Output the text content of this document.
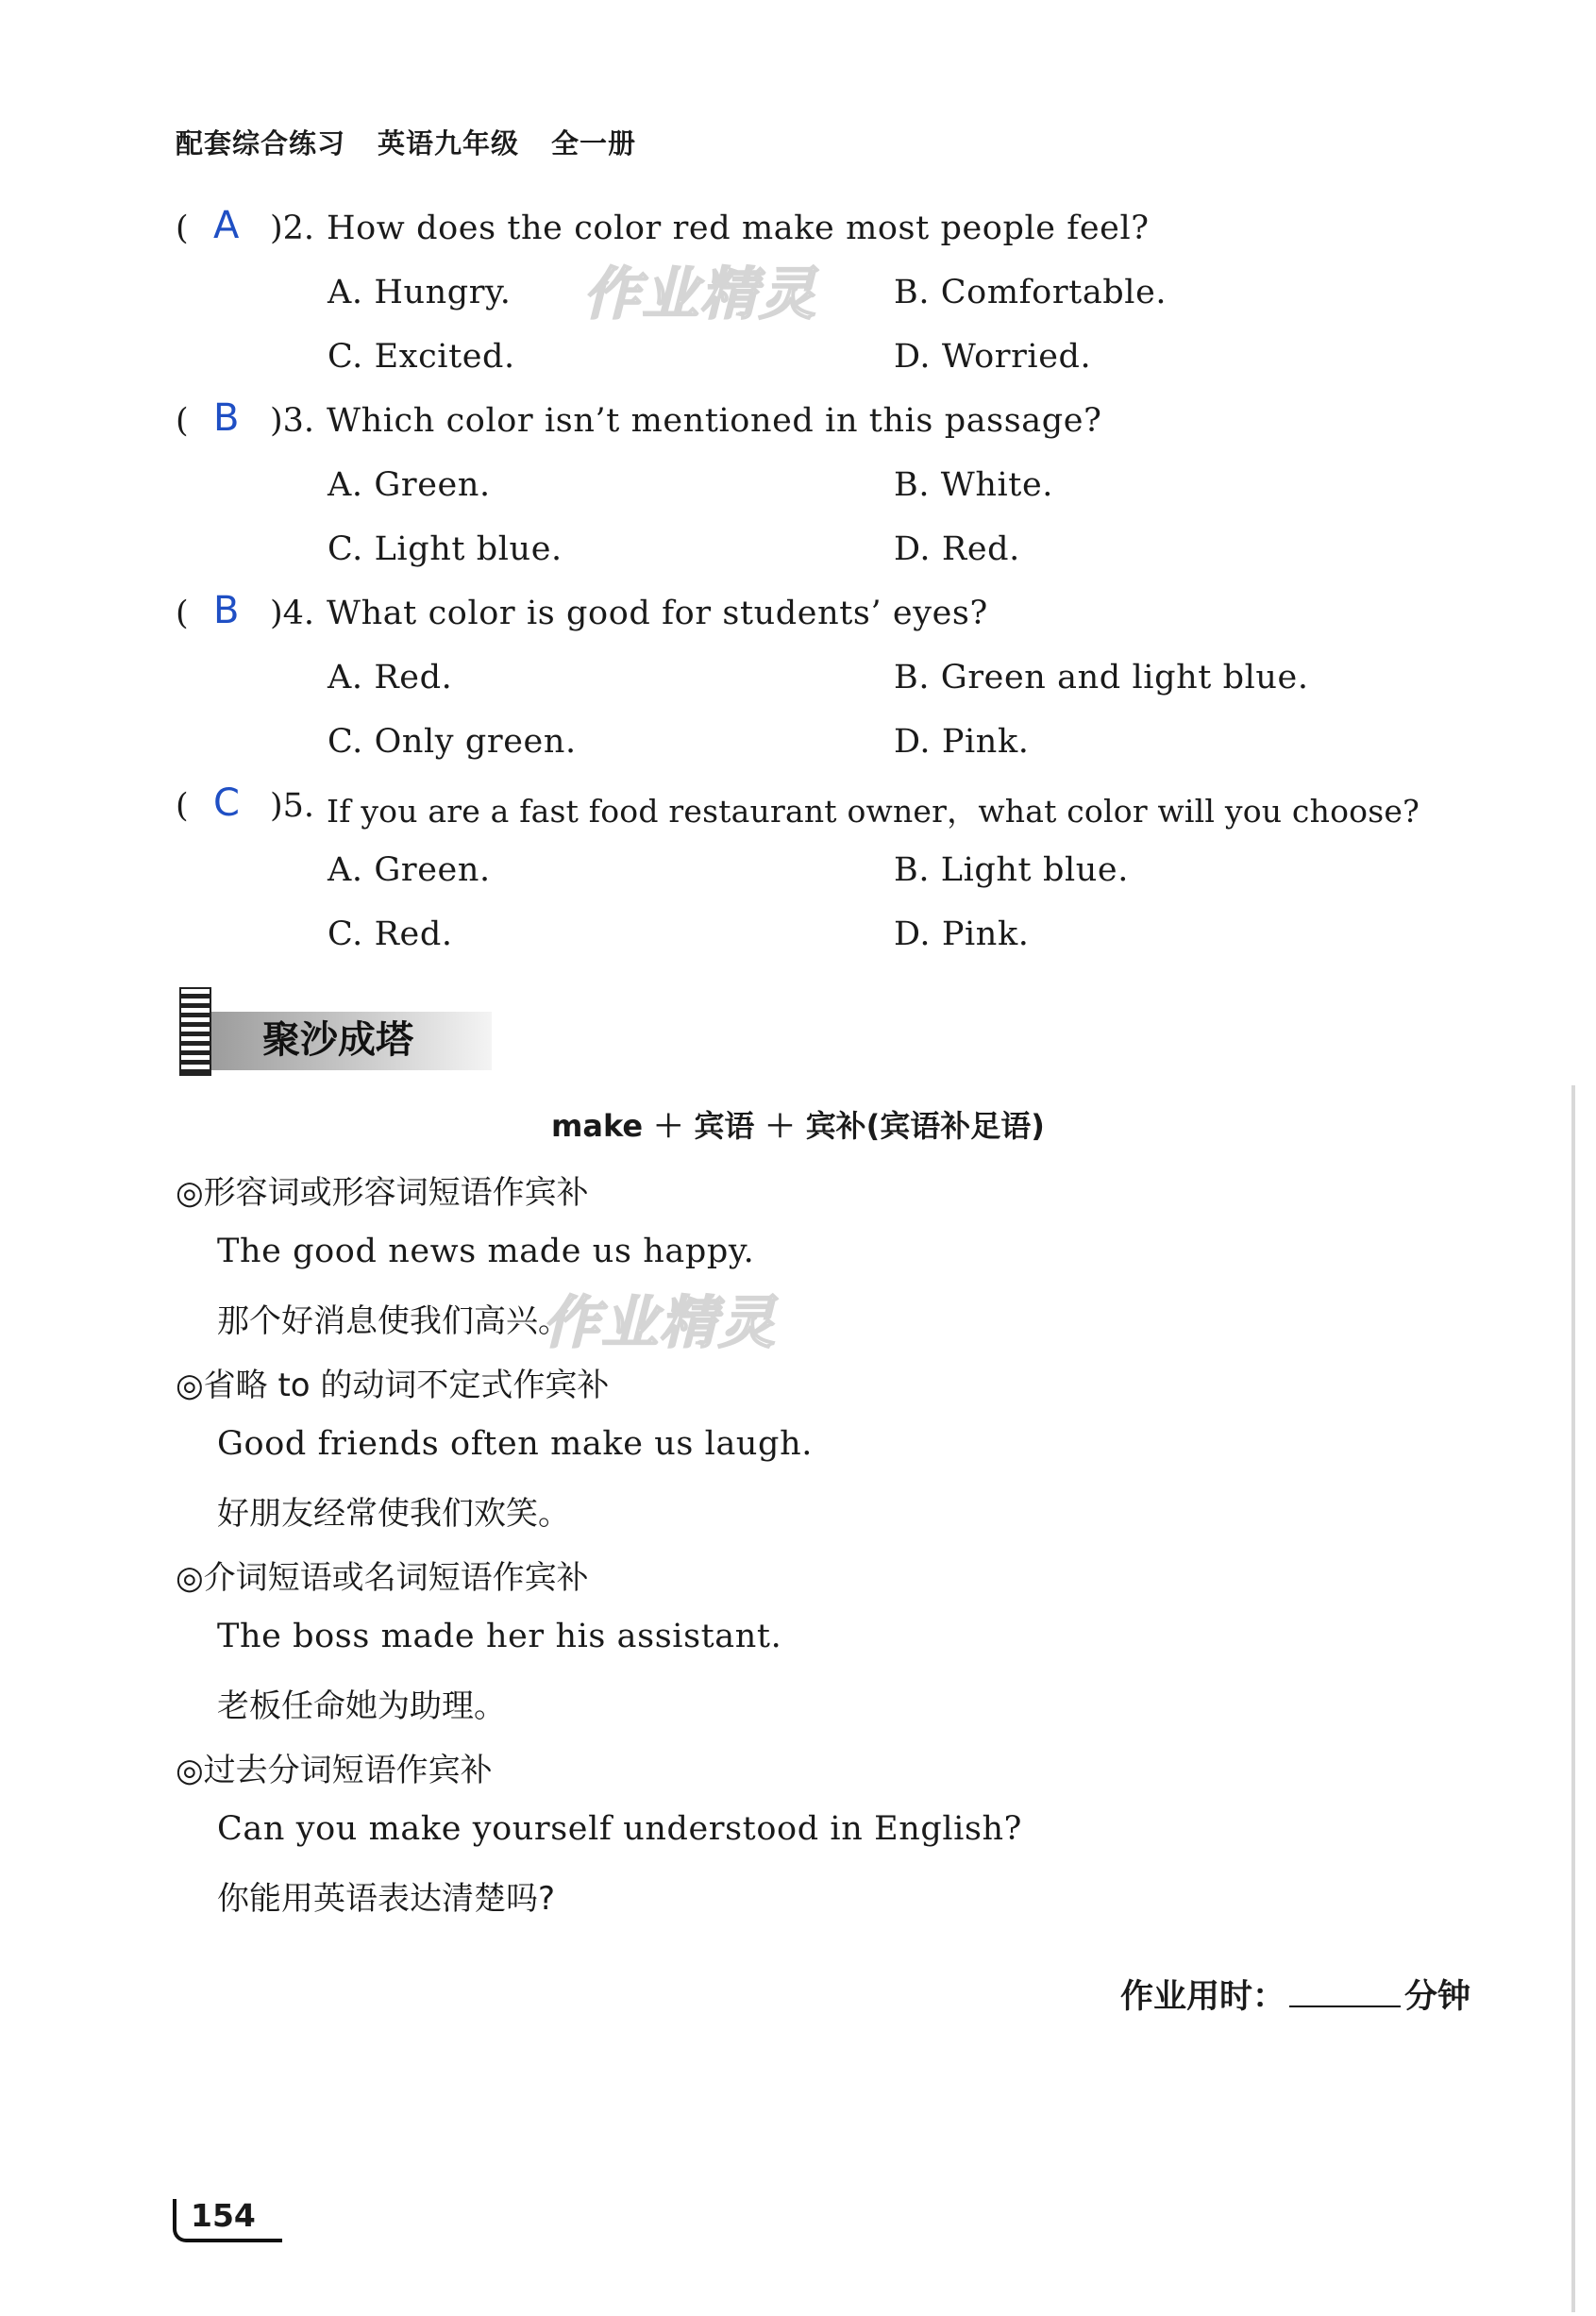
配套综合练习 英语九年级 全一册
( A )2. How does the color red make most people feel?
A. Hungry.	B. Comfortable.
C. Excited.	D. Worried.
作业精灵
( B )3. Which color isn’t mentioned in this passage?
A. Green.	B. White.
C. Light blue.	D. Red.
( B )4. What color is good for students’ eyes?
A. Red.	B. Green and light blue.
C. Only green.	D. Pink.
( C )5. If you are a fast food restaurant owner，what color will you choose?
A. Green.	B. Light blue.
C. Red.	D. Pink.
聚沙成塔
make ＋ 宾语 ＋ 宾补(宾语补足语)
◎形容词或形容词短语作宾补
The good news made us happy.
那个好消息使我们高兴。
作业精灵
◎省略 to 的动词不定式作宾补
Good friends often make us laugh.
好朋友经常使我们欢笑。
◎介词短语或名词短语作宾补
The boss made her his assistant.
老板任命她为助理。
◎过去分词短语作宾补
Can you make yourself understood in English?
你能用英语表达清楚吗?
作业用时：	分钟
154
